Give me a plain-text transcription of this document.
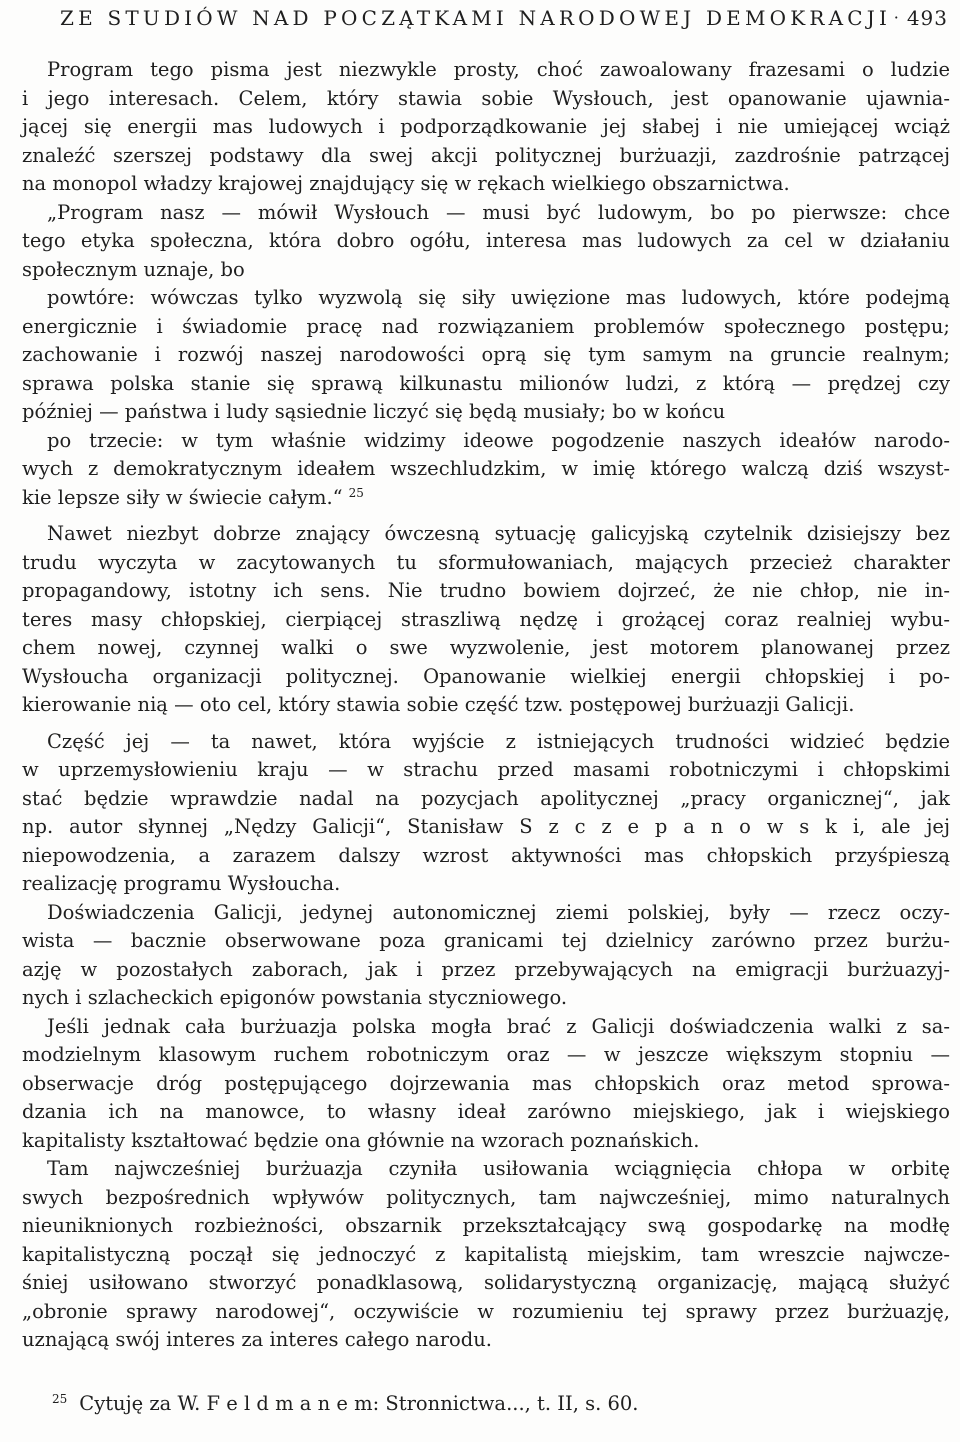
ZE STUDIÓW NAD POCZĄTKAMI NARODOWEJ DEMOKRACJI · 493
Program tego pisma jest niezwykle prosty, choć zawoalowany frazesami o ludzie
i jego interesach. Celem, który stawia sobie Wysłouch, jest opanowanie ujawnia-
jącej się energii mas ludowych i podporządkowanie jej słabej i nie umiejącej wciąż
znaleźć szerszej podstawy dla swej akcji politycznej burżuazji, zazdrośnie patrzącej
na monopol władzy krajowej znajdujący się w rękach wielkiego obszarnictwa.
„Program nasz — mówił Wysłouch — musi być ludowym, bo po pierwsze: chce
tego etyka społeczna, która dobro ogółu, interesa mas ludowych za cel w działaniu
społecznym uznaje, bo
powtóre: wówczas tylko wyzwolą się siły uwięzione mas ludowych, które podejmą
energicznie i świadomie pracę nad rozwiązaniem problemów społecznego postępu;
zachowanie i rozwój naszej narodowości oprą się tym samym na gruncie realnym;
sprawa polska stanie się sprawą kilkunastu milionów ludzi, z którą — prędzej czy
później — państwa i ludy sąsiednie liczyć się będą musiały; bo w końcu
po trzecie: w tym właśnie widzimy ideowe pogodzenie naszych ideałów narodo-
wych z demokratycznym ideałem wszechludzkim, w imię którego walczą dziś wszyst-
kie lepsze siły w świecie całym.“ $^{25}$
Nawet niezbyt dobrze znający ówczesną sytuację galicyjską czytelnik dzisiejszy bez
trudu wyczyta w zacytowanych tu sformułowaniach, mających przecież charakter
propagandowy, istotny ich sens. Nie trudno bowiem dojrzeć, że nie chłop, nie in-
teres masy chłopskiej, cierpiącej straszliwą nędzę i grożącej coraz realniej wybu-
chem nowej, czynnej walki o swe wyzwolenie, jest motorem planowanej przez
Wysłoucha organizacji politycznej. Opanowanie wielkiej energii chłopskiej i po-
kierowanie nią — oto cel, który stawia sobie część tzw. postępowej burżuazji Galicji.
Część jej — ta nawet, która wyjście z istniejących trudności widzieć będzie
w uprzemysłowieniu kraju — w strachu przed masami robotniczymi i chłopskimi
stać będzie wprawdzie nadal na pozycjach apolitycznej „pracy organicznej“, jak
np. autor słynnej „Nędzy Galicji“, Stanisław S z c z e p a n o w s k i, ale jej
niepowodzenia, a zarazem dalszy wzrost aktywności mas chłopskich przyśpieszą
realizację programu Wysłoucha.
Doświadczenia Galicji, jedynej autonomicznej ziemi polskiej, były — rzecz oczy-
wista — bacznie obserwowane poza granicami tej dzielnicy zarówno przez burżu-
azję w pozostałych zaborach, jak i przez przebywających na emigracji burżuazyj-
nych i szlacheckich epigonów powstania styczniowego.
Jeśli jednak cała burżuazja polska mogła brać z Galicji doświadczenia walki z sa-
modzielnym klasowym ruchem robotniczym oraz — w jeszcze większym stopniu —
obserwacje dróg postępującego dojrzewania mas chłopskich oraz metod sprowa-
dzania ich na manowce, to własny ideał zarówno miejskiego, jak i wiejskiego
kapitalisty kształtować będzie ona głównie na wzorach poznańskich.
Tam najwcześniej burżuazja czyniła usiłowania wciągnięcia chłopa w orbitę
swych bezpośrednich wpływów politycznych, tam najwcześniej, mimo naturalnych
nieuniknionych rozbieżności, obszarnik przekształcający swą gospodarkę na modłę
kapitalistyczną począł się jednoczyć z kapitalistą miejskim, tam wreszcie najwcze-
śniej usiłowano stworzyć ponadklasową, solidarystyczną organizację, mającą służyć
„obronie sprawy narodowej“, oczywiście w rozumieniu tej sprawy przez burżuazję,
uznającą swój interes za interes całego narodu.
$^{25}$ Cytuję za W. F e l d m a n e m: Stronnictwa..., t. II, s. 60.
